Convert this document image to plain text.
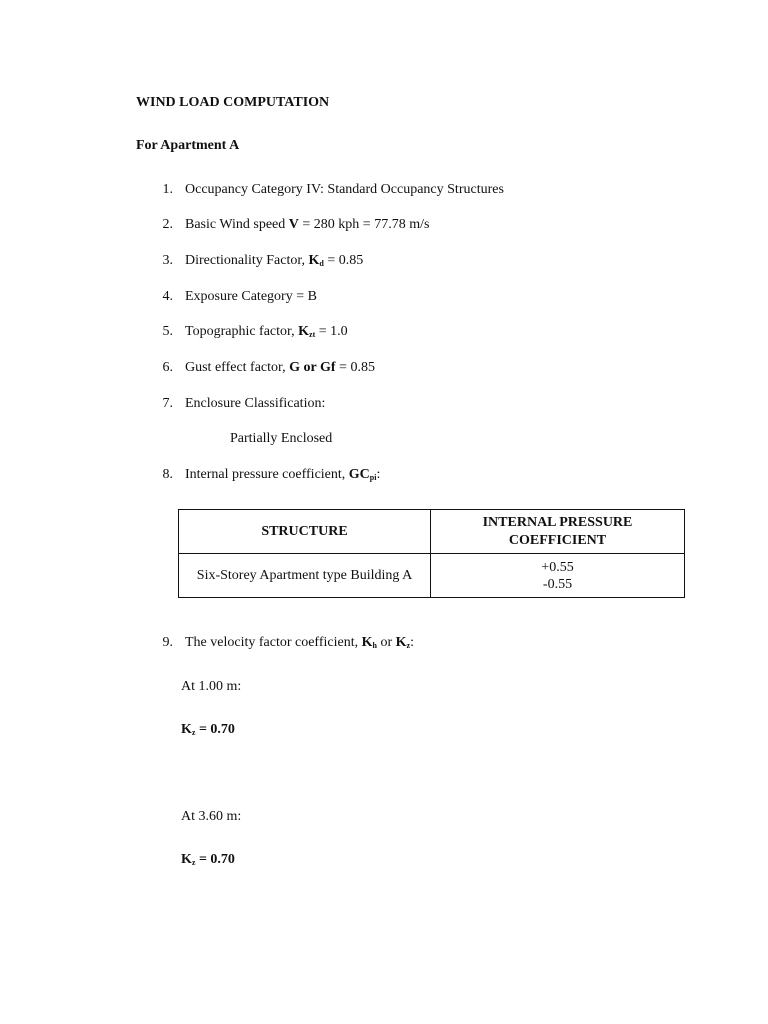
WIND LOAD COMPUTATION
For Apartment A
1. Occupancy Category IV: Standard Occupancy Structures
2. Basic Wind speed V = 280 kph = 77.78 m/s
3. Directionality Factor, $K_d = 0.85$
4. Exposure Category = B
5. Topographic factor, $K_{zt} = 1.0$
6. Gust effect factor, G or Gf = 0.85
7. Enclosure Classification:
Partially Enclosed
8. Internal pressure coefficient, $GC_{pi}$:
STRUCTURE	INTERNAL PRESSURE
COEFFICIENT
Six-Storey Apartment type Building A	+0.55
-0.55
9. The velocity factor coefficient, $K_h$ or $K_z$:
At 1.00 m:
$K_z = 0.70$
At 3.60 m:
$K_z = 0.70$
